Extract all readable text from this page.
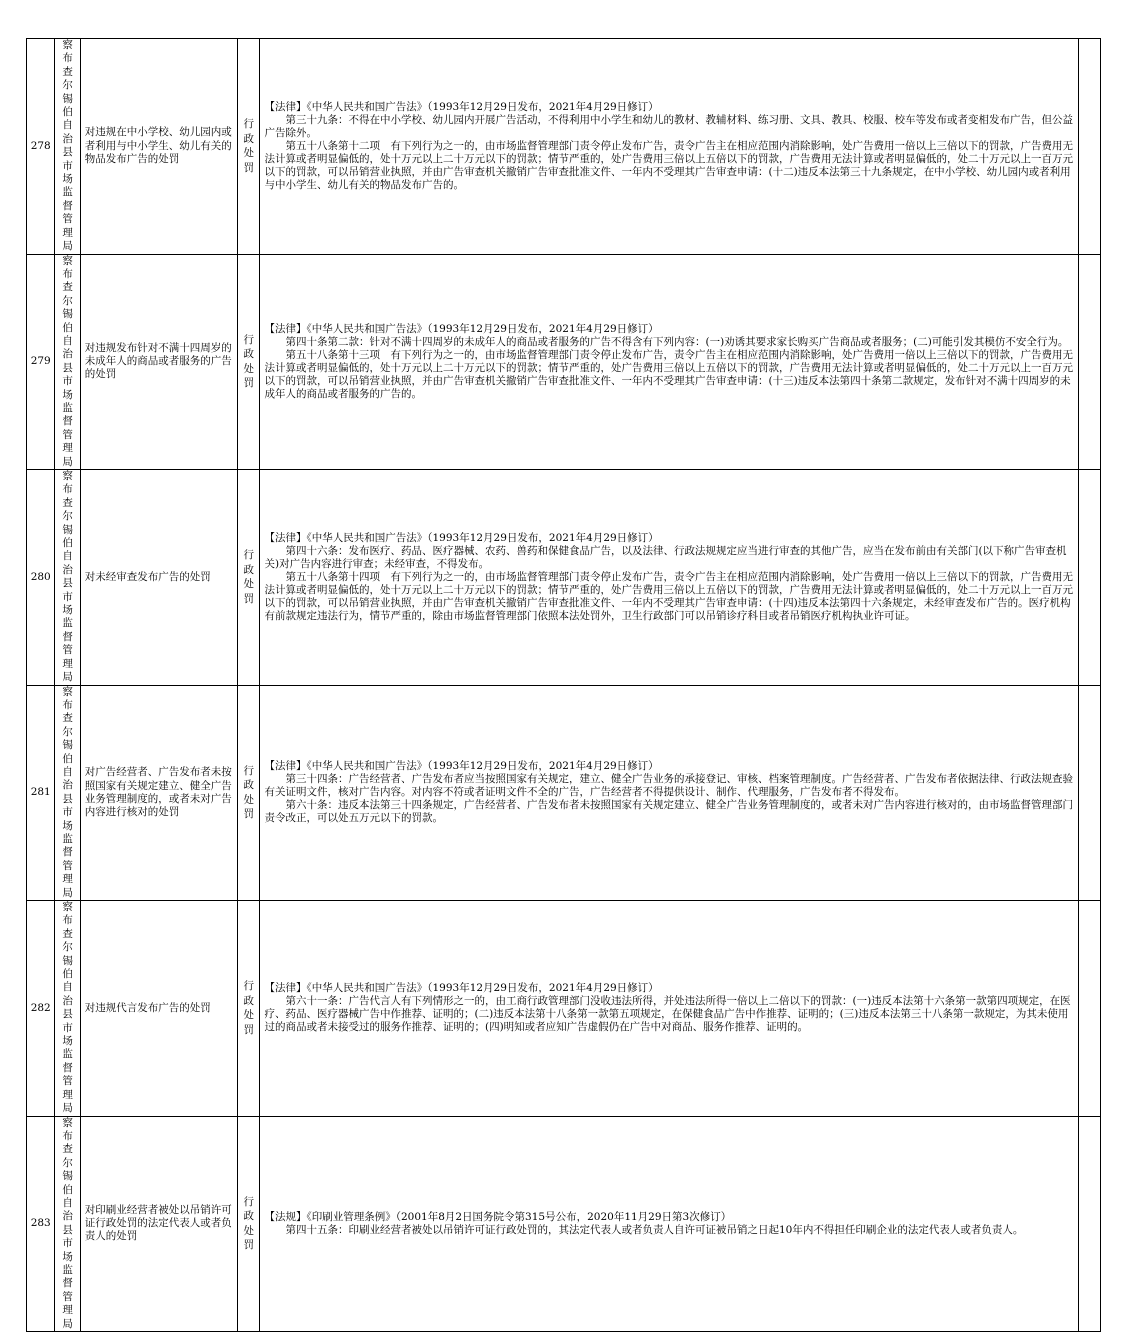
278	察布查尔锡伯自治县市场监督管理局	对违规在中小学校、幼儿园内或者利用与中小学生、幼儿有关的物品发布广告的处罚	行政处罚	【法律】《中华人民共和国广告法》（1993年12月29日发布，2021年4月29日修订）
第三十九条：不得在中小学校、幼儿园内开展广告活动，不得利用中小学生和幼儿的教材、教辅材料、练习册、文具、教具、校服、校车等发布或者变相发布广告，但公益广告除外。
第五十八条第十二项　有下列行为之一的，由市场监督管理部门责令停止发布广告，责令广告主在相应范围内消除影响，处广告费用一倍以上三倍以下的罚款，广告费用无法计算或者明显偏低的，处十万元以上二十万元以下的罚款；情节严重的，处广告费用三倍以上五倍以下的罚款，广告费用无法计算或者明显偏低的，处二十万元以上一百万元以下的罚款，可以吊销营业执照，并由广告审查机关撤销广告审查批准文件、一年内不受理其广告审查申请：(十二)违反本法第三十九条规定，在中小学校、幼儿园内或者利用与中小学生、幼儿有关的物品发布广告的。	

279	察布查尔锡伯自治县市场监督管理局	对违规发布针对不满十四周岁的未成年人的商品或者服务的广告的处罚	行政处罚	【法律】《中华人民共和国广告法》（1993年12月29日发布，2021年4月29日修订）
第四十条第二款：针对不满十四周岁的未成年人的商品或者服务的广告不得含有下列内容：(一)劝诱其要求家长购买广告商品或者服务；(二)可能引发其模仿不安全行为。
第五十八条第十三项　有下列行为之一的，由市场监督管理部门责令停止发布广告，责令广告主在相应范围内消除影响，处广告费用一倍以上三倍以下的罚款，广告费用无法计算或者明显偏低的，处十万元以上二十万元以下的罚款；情节严重的，处广告费用三倍以上五倍以下的罚款，广告费用无法计算或者明显偏低的，处二十万元以上一百万元以下的罚款，可以吊销营业执照，并由广告审查机关撤销广告审查批准文件、一年内不受理其广告审查申请：(十三)违反本法第四十条第二款规定，发布针对不满十四周岁的未成年人的商品或者服务的广告的。	

280	察布查尔锡伯自治县市场监督管理局	对未经审查发布广告的处罚	行政处罚	【法律】《中华人民共和国广告法》（1993年12月29日发布，2021年4月29日修订）
第四十六条：发布医疗、药品、医疗器械、农药、兽药和保健食品广告，以及法律、行政法规规定应当进行审查的其他广告，应当在发布前由有关部门(以下称广告审查机关)对广告内容进行审查；未经审查，不得发布。
第五十八条第十四项　有下列行为之一的，由市场监督管理部门责令停止发布广告，责令广告主在相应范围内消除影响，处广告费用一倍以上三倍以下的罚款，广告费用无法计算或者明显偏低的，处十万元以上二十万元以下的罚款；情节严重的，处广告费用三倍以上五倍以下的罚款，广告费用无法计算或者明显偏低的，处二十万元以上一百万元以下的罚款，可以吊销营业执照，并由广告审查机关撤销广告审查批准文件、一年内不受理其广告审查申请：(十四)违反本法第四十六条规定，未经审查发布广告的。医疗机构有前款规定违法行为，情节严重的，除由市场监督管理部门依照本法处罚外，卫生行政部门可以吊销诊疗科目或者吊销医疗机构执业许可证。	

281	察布查尔锡伯自治县市场监督管理局	对广告经营者、广告发布者未按照国家有关规定建立、健全广告业务管理制度的，或者未对广告内容进行核对的处罚	行政处罚	【法律】《中华人民共和国广告法》（1993年12月29日发布，2021年4月29日修订）
第三十四条：广告经营者、广告发布者应当按照国家有关规定，建立、健全广告业务的承接登记、审核、档案管理制度。广告经营者、广告发布者依据法律、行政法规查验有关证明文件，核对广告内容。对内容不符或者证明文件不全的广告，广告经营者不得提供设计、制作、代理服务，广告发布者不得发布。
第六十条：违反本法第三十四条规定，广告经营者、广告发布者未按照国家有关规定建立、健全广告业务管理制度的，或者未对广告内容进行核对的，由市场监督管理部门责令改正，可以处五万元以下的罚款。	

282	察布查尔锡伯自治县市场监督管理局	对违规代言发布广告的处罚	行政处罚	【法律】《中华人民共和国广告法》（1993年12月29日发布，2021年4月29日修订）
第六十一条：广告代言人有下列情形之一的，由工商行政管理部门没收违法所得，并处违法所得一倍以上二倍以下的罚款：(一)违反本法第十六条第一款第四项规定，在医疗、药品、医疗器械广告中作推荐、证明的；(二)违反本法第十八条第一款第五项规定，在保健食品广告中作推荐、证明的；(三)违反本法第三十八条第一款规定，为其未使用过的商品或者未接受过的服务作推荐、证明的；(四)明知或者应知广告虚假仍在广告中对商品、服务作推荐、证明的。	

283	察布查尔锡伯自治县市场监督管理局	对印刷业经营者被处以吊销许可证行政处罚的法定代表人或者负责人的处罚	行政处罚	【法规】《印刷业管理条例》（2001年8月2日国务院令第315号公布，2020年11月29日第3次修订）
第四十五条：印刷业经营者被处以吊销许可证行政处罚的，其法定代表人或者负责人自许可证被吊销之日起10年内不得担任印刷企业的法定代表人或者负责人。	
